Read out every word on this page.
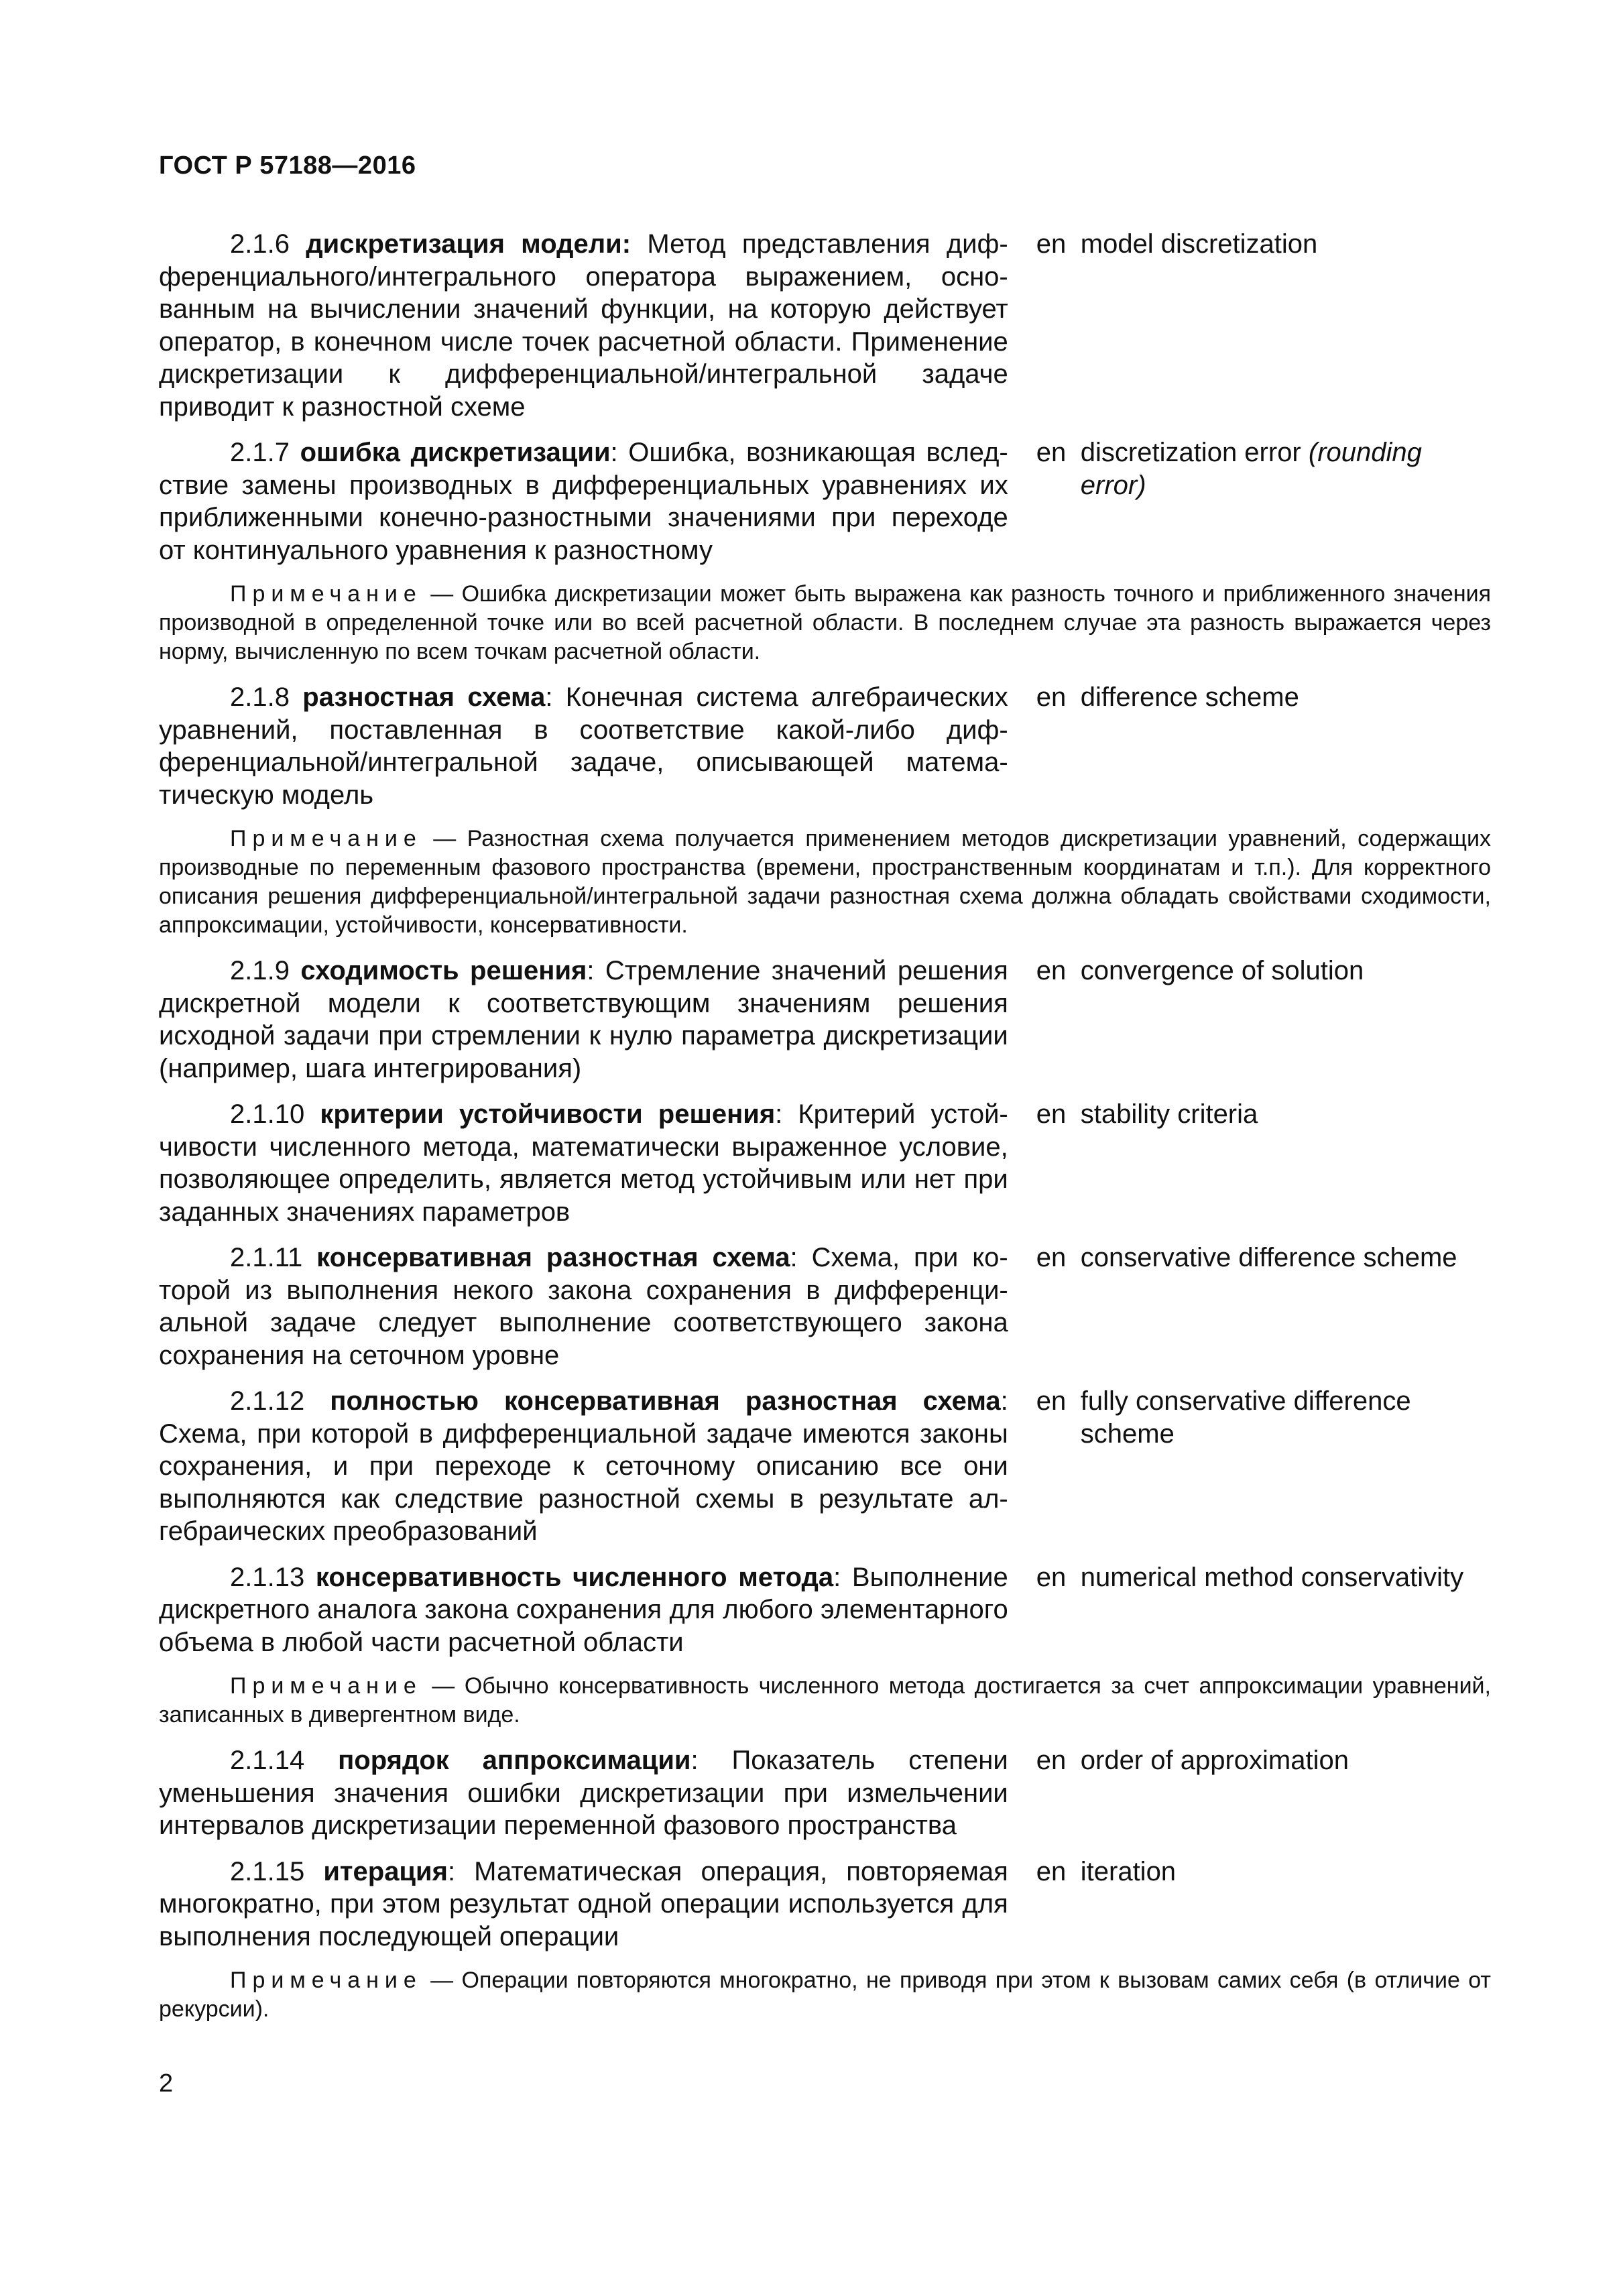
ГОСТ Р 57188—2016
2.1.6 дискретизация модели: Метод представления дифференциального/интегрального оператора выражением, основанным на вычислении значений функции, на которую действует оператор, в конечном числе точек расчетной области. Применение дискретизации к дифференциальной/интегральной задаче приводит к разностной схеме
en model discretization
2.1.7 ошибка дискретизации: Ошибка, возникающая вследствие замены производных в дифференциальных уравнениях их приближенными конечно-разностными значениями при переходе от континуального уравнения к разностному
en discretization error (rounding error)
Примечание — Ошибка дискретизации может быть выражена как разность точного и приближенного значения производной в определенной точке или во всей расчетной области. В последнем случае эта разность выражается через норму, вычисленную по всем точкам расчетной области.
2.1.8 разностная схема: Конечная система алгебраических уравнений, поставленная в соответствие какой-либо дифференциальной/интегральной задаче, описывающей математическую модель
en difference scheme
Примечание — Разностная схема получается применением методов дискретизации уравнений, содержащих производные по переменным фазового пространства (времени, пространственным координатам и т.п.). Для корректного описания решения дифференциальной/интегральной задачи разностная схема должна обладать свойствами сходимости, аппроксимации, устойчивости, консервативности.
2.1.9 сходимость решения: Стремление значений решения дискретной модели к соответствующим значениям решения исходной задачи при стремлении к нулю параметра дискретизации (например, шага интегрирования)
en convergence of solution
2.1.10 критерии устойчивости решения: Критерий устойчивости численного метода, математически выраженное условие, позволяющее определить, является метод устойчивым или нет при заданных значениях параметров
en stability criteria
2.1.11 консервативная разностная схема: Схема, при которой из выполнения некого закона сохранения в дифференциальной задаче следует выполнение соответствующего закона сохранения на сеточном уровне
en conservative difference scheme
2.1.12 полностью консервативная разностная схема: Схема, при которой в дифференциальной задаче имеются законы сохранения, и при переходе к сеточному описанию все они выполняются как следствие разностной схемы в результате алгебраических преобразований
en fully conservative difference scheme
2.1.13 консервативность численного метода: Выполнение дискретного аналога закона сохранения для любого элементарного объема в любой части расчетной области
en numerical method conservativity
Примечание — Обычно консервативность численного метода достигается за счет аппроксимации уравнений, записанных в дивергентном виде.
2.1.14 порядок аппроксимации: Показатель степени уменьшения значения ошибки дискретизации при измельчении интервалов дискретизации переменной фазового пространства
en order of approximation
2.1.15 итерация: Математическая операция, повторяемая многократно, при этом результат одной операции используется для выполнения последующей операции
en iteration
Примечание — Операции повторяются многократно, не приводя при этом к вызовам самих себя (в отличие от рекурсии).
2
